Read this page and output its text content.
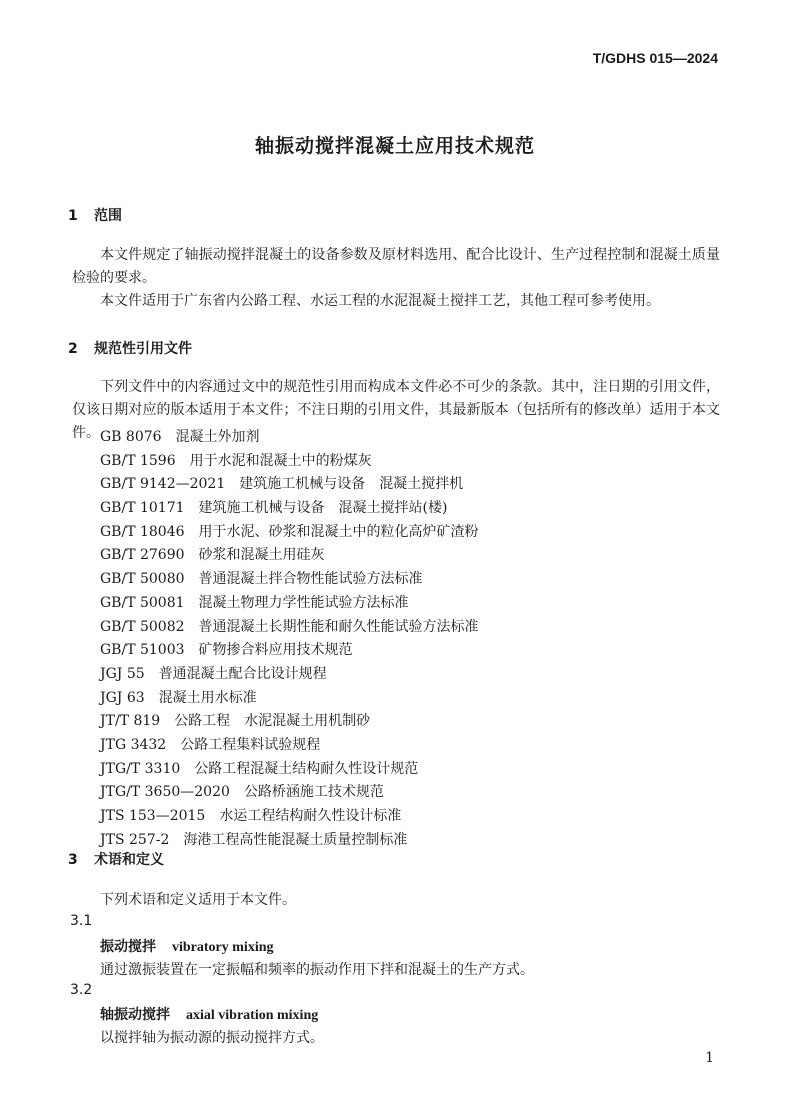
T/GDHS 015—2024
轴振动搅拌混凝土应用技术规范
1 范围
本文件规定了轴振动搅拌混凝土的设备参数及原材料选用、配合比设计、生产过程控制和混凝土质量检验的要求。
本文件适用于广东省内公路工程、水运工程的水泥混凝土搅拌工艺，其他工程可参考使用。
2 规范性引用文件
下列文件中的内容通过文中的规范性引用而构成本文件必不可少的条款。其中，注日期的引用文件，仅该日期对应的版本适用于本文件；不注日期的引用文件，其最新版本（包括所有的修改单）适用于本文件。 GB 8076 混凝土外加剂
GB/T 1596 用于水泥和混凝土中的粉煤灰
GB/T 9142—2021 建筑施工机械与设备　混凝土搅拌机
GB/T 10171 建筑施工机械与设备　混凝土搅拌站(楼)
GB/T 18046 用于水泥、砂浆和混凝土中的粒化高炉矿渣粉
GB/T 27690 砂浆和混凝土用硅灰
GB/T 50080 普通混凝土拌合物性能试验方法标准
GB/T 50081 混凝土物理力学性能试验方法标准
GB/T 50082 普通混凝土长期性能和耐久性能试验方法标准
GB/T 51003 矿物掺合料应用技术规范
JGJ 55 普通混凝土配合比设计规程
JGJ 63 混凝土用水标准
JT/T 819 公路工程　水泥混凝土用机制砂
JTG 3432 公路工程集料试验规程
JTG/T 3310 公路工程混凝土结构耐久性设计规范
JTG/T 3650—2020 公路桥涵施工技术规范
JTS 153—2015 水运工程结构耐久性设计标准
JTS 257-2 海港工程高性能混凝土质量控制标准
3 术语和定义
下列术语和定义适用于本文件。
3.1
振动搅拌 vibratory mixing
通过激振装置在一定振幅和频率的振动作用下拌和混凝土的生产方式。
3.2
轴振动搅拌 axial vibration mixing
以搅拌轴为振动源的振动搅拌方式。
1
